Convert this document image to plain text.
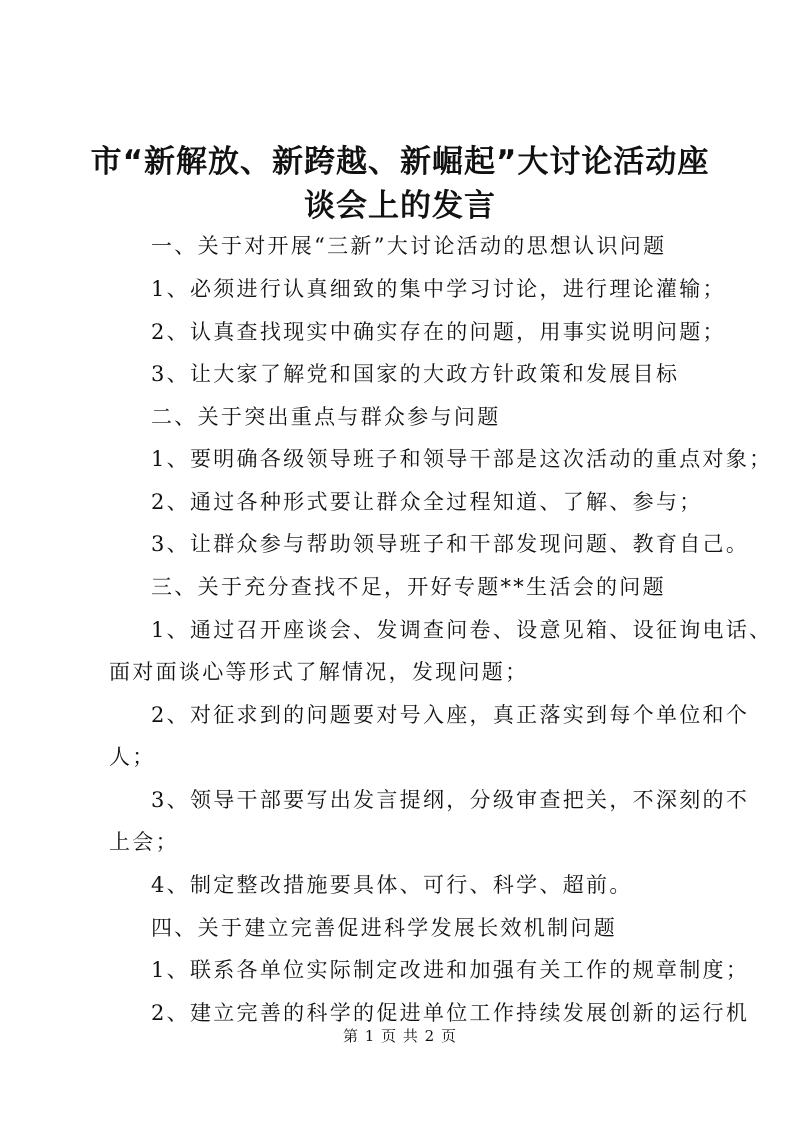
市“新解放、新跨越、新崛起”大讨论活动座
谈会上的发言
一、关于对开展“三新”大讨论活动的思想认识问题
1、必须进行认真细致的集中学习讨论，进行理论灌输；
2、认真查找现实中确实存在的问题，用事实说明问题；
3、让大家了解党和国家的大政方针政策和发展目标
二、关于突出重点与群众参与问题
1、要明确各级领导班子和领导干部是这次活动的重点对象；
2、通过各种形式要让群众全过程知道、了解、参与；
3、让群众参与帮助领导班子和干部发现问题、教育自己。
三、关于充分查找不足，开好专题**生活会的问题
1、通过召开座谈会、发调查问卷、设意见箱、设征询电话、
面对面谈心等形式了解情况，发现问题；
2、对征求到的问题要对号入座，真正落实到每个单位和个
人；
3、领导干部要写出发言提纲，分级审查把关，不深刻的不
上会；
4、制定整改措施要具体、可行、科学、超前。
四、关于建立完善促进科学发展长效机制问题
1、联系各单位实际制定改进和加强有关工作的规章制度；
2、建立完善的科学的促进单位工作持续发展创新的运行机
第 1 页 共 2 页
